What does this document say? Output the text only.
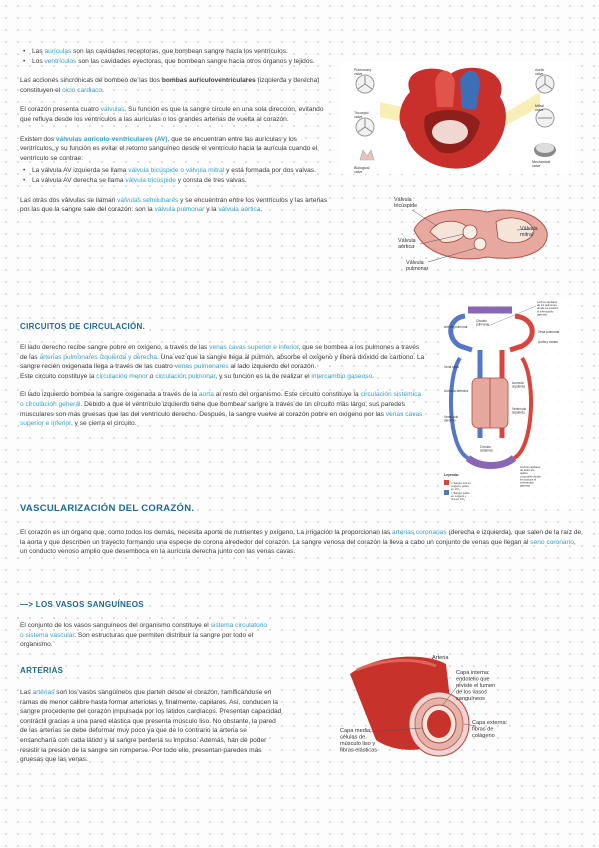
• Las aurículas son las cavidades receptoras, que bombean sangre hacia los ventrículos.
• Los ventrículos son las cavidades eyectoras, que bombean sangre hacia otros órganos y tejidos.

Las acciones sincrónicas de bombeo de las dos bombas auriculoventriculares (izquierda y derecha) constituyen el ciclo cardiaco.

El corazón presenta cuatro válvulas. Su función es que la sangre circule en una sola dirección, evitando que refluya desde los ventrículos a las aurículas o los grandes arterias de vuelta al corazón.

Existen dos válvulas auriculo-ventriculares (AV), que se encuentran entre las aurículas y los ventrículos, y su función es evitar el retorno sanguíneo desde el ventrículo hacia la aurícula cuando el ventrículo se contrae:

• La válvula AV izquierda se llama válvula bicúspide o válvula mitral y está formada por dos valvas.
• La válvula AV derecha se llama válvula tricúspide y consta de tres valvas.

Las otras dos válvulas se llaman válvulas semilunares y se encuentran entre los ventrículos y las arterias por las que la sangre sale del corazón: son la válvula pulmonar y la válvula aórtica.

CIRCUITOS DE CIRCULACIÓN.

El lado derecho recibe sangre pobre en oxígeno, a través de las venas cavas superior e inferior, que se bombea a los pulmones a través de las arterias pulmonares izquierda y derecha. Una vez que la sangre llega al pulmón, absorbe el oxígeno y libera dióxido de carbono. La sangre recién oxigenada llega a través de las cuatro venas pulmonares al lado izquierdo del corazón.

Este circuito constituye la circulación menor o circulación pulmonar, y su función es la de realizar el intercambio gaseoso.

El lado izquierdo bombea la sangre oxigenada a través de la aorta al resto del organismo. Este circuito constituye la circulación sistémica o circulación general. Debido a que el ventrículo izquierdo tiene que bombear sangre a través de un circuito más largo, sus paredes musculares son más gruesas que las del ventrículo derecho. Después, la sangre vuelve al corazón pobre en oxígeno por las venas cavas superior e inferior, y se cierra el circuito.

VASCULARIZACIÓN DEL CORAZÓN.

El corazón es un órgano que, como todos los demás, necesita aporte de nutrientes y oxígeno. La irrigación la proporcionan las arterias coronarias (derecha e izquierda), que salen de la raíz de la aorta y que describen un trayecto formando una especie de corona alrededor del corazón. La sangre venosa del corazón la lleva a cabo un conjunto de venas que llegan al seno coronario, un conducto venoso amplio que desemboca en la aurícula derecha junto con las venas cavas.

—> LOS VASOS SANGUÍNEOS

El conjunto de los vasos sanguíneos del organismo constituye el sistema circulatorio o sistema vascular. Son estructuras que permiten distribuir la sangre por todo el organismo.

ARTERIAS

Las arterias son los vasos sanguíneos que parten desde el corazón, ramificándose en ramas de menor calibre hasta formar arteriolas y, finalmente, capilares. Así, conducen la sangre procedente del corazón impulsada por los latidos cardíacos. Presentan capacidad contráctil gracias a una pared elástica que presenta músculo liso. No obstante, la pared de las arterias se debe deformar muy poco ya que de lo contrario la arteria se ensancharía con cada latido y la sangre perdería su impulso. Además, han de poder resistir la presión de la sangre sin romperse. Por todo ello, presentan paredes más gruesas que las venas.

Pulmonary valve
Tricuspid valve
Aortic valve
Mitral valve
Mechanical valve
Biological valve
Válvula tricúspide
Válvula mitral
Válvula aórtica
Válvula pulmonar
Lechos capilares de los pulmones donde se produce el intercambio gaseoso
Arteria pulmonar
Circuito pulmonar
Vena pulmonar
Aorta y ramas
Vena cava
Aurícula izquierda
Aurícula derecha
Ventrículo izquierdo
Ventrículo derecho
Circuito sistémico
Leyenda:
= Sangre rica en oxígeno, pobre en CO₂
= Sangre pobre en oxígeno y rica en CO₂
Lechos capilares de todos los tejidos corporales donde se produce el intercambio gaseoso
Arteria
Capa media: células de músculo liso y fibras elásticas
Capa interna: endotelio que reviste el lumen de los vasos sanguíneos
Capa externa: fibras de colágeno
